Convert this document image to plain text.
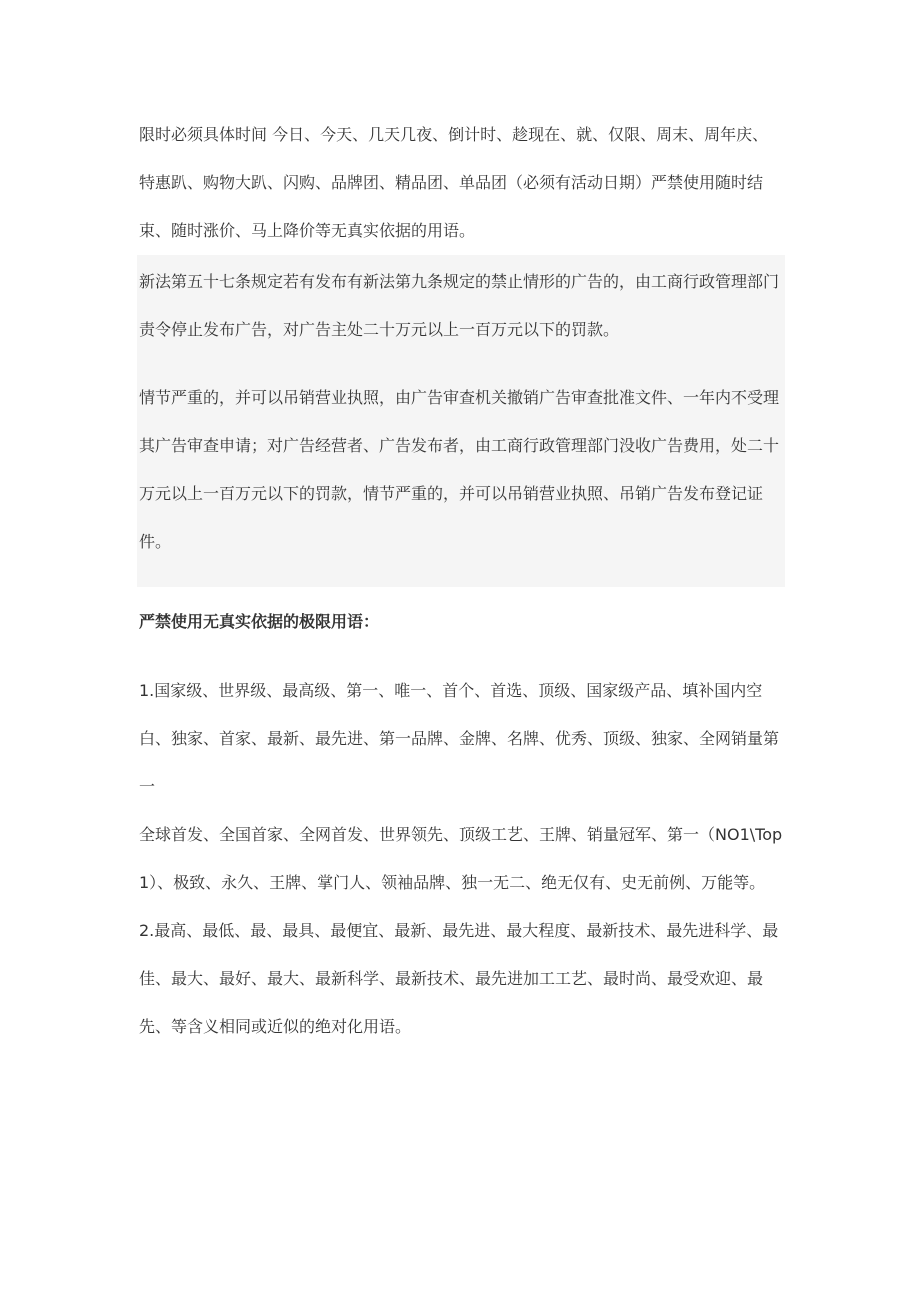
限时必须具体时间 今日、今天、几天几夜、倒计时、趁现在、就、仅限、周末、周年庆、特惠趴、购物大趴、闪购、品牌团、精品团、单品团（必须有活动日期）严禁使用随时结束、随时涨价、马上降价等无真实依据的用语。

新法第五十七条规定若有发布有新法第九条规定的禁止情形的广告的，由工商行政管理部门责令停止发布广告，对广告主处二十万元以上一百万元以下的罚款。

情节严重的，并可以吊销营业执照，由广告审查机关撤销广告审查批准文件、一年内不受理其广告审查申请；对广告经营者、广告发布者，由工商行政管理部门没收广告费用，处二十万元以上一百万元以下的罚款，情节严重的，并可以吊销营业执照、吊销广告发布登记证件。

严禁使用无真实依据的极限用语：

1.国家级、世界级、最高级、第一、唯一、首个、首选、顶级、国家级产品、填补国内空白、独家、首家、最新、最先进、第一品牌、金牌、名牌、优秀、顶级、独家、全网销量第一

全球首发、全国首家、全网首发、世界领先、顶级工艺、王牌、销量冠军、第一（NO1\Top1）、极致、永久、王牌、掌门人、领袖品牌、独一无二、绝无仅有、史无前例、万能等。

2.最高、最低、最、最具、最便宜、最新、最先进、最大程度、最新技术、最先进科学、最佳、最大、最好、最大、最新科学、最新技术、最先进加工工艺、最时尚、最受欢迎、最先、等含义相同或近似的绝对化用语。
